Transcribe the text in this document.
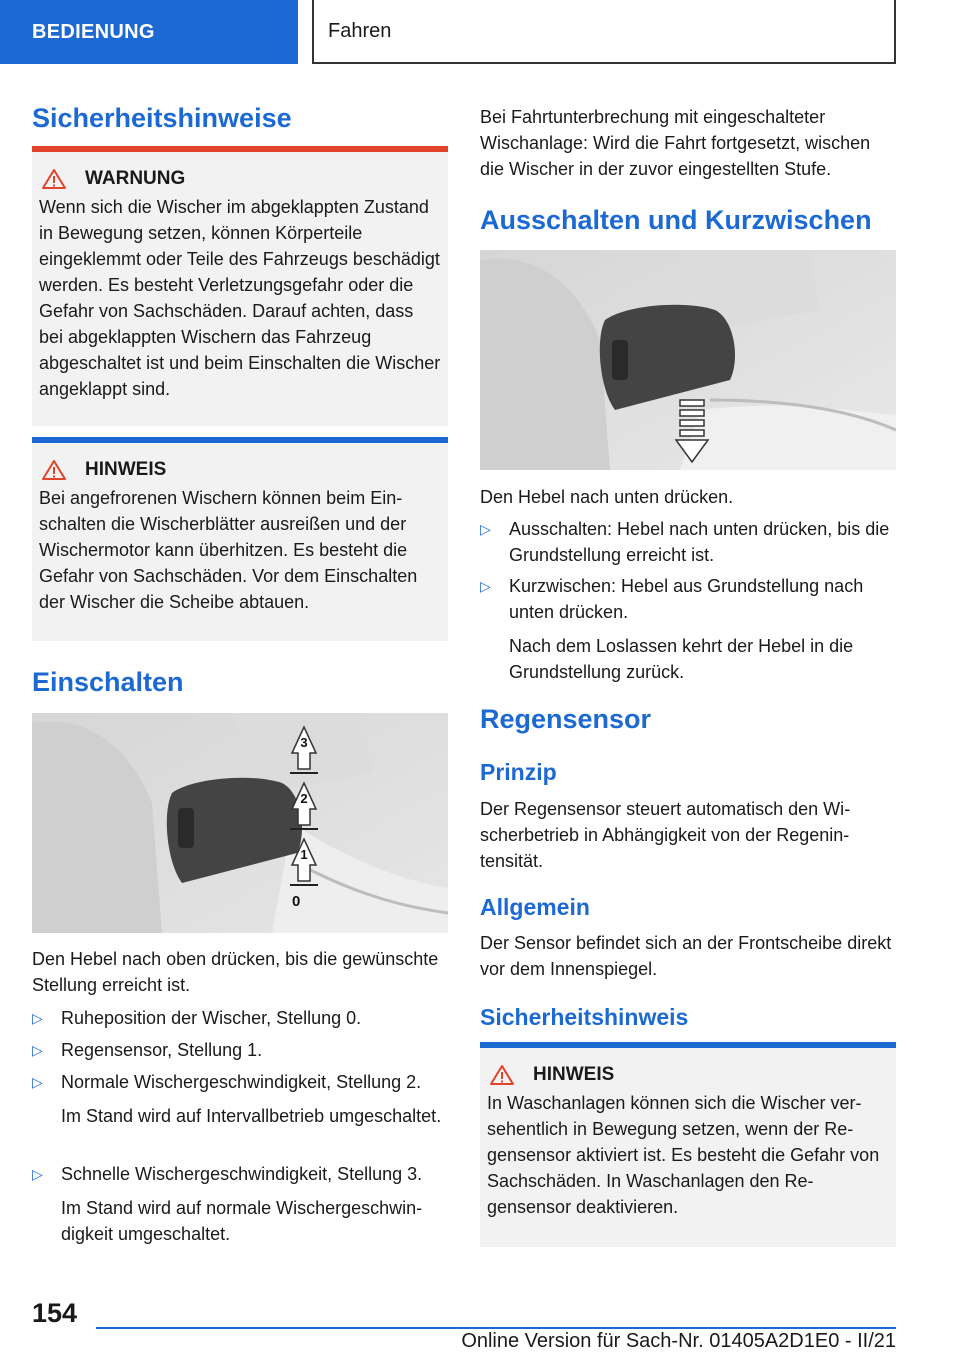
BEDIENUNG	Fahren
Sicherheitshinweise
WARNUNG
Wenn sich die Wischer im abgeklappten Zustand in Bewegung setzen, können Körperteile eingeklemmt oder Teile des Fahrzeugs beschädigt werden. Es besteht Verletzungsgefahr oder die Gefahr von Sachschäden. Darauf achten, dass bei abgeklappten Wischern das Fahrzeug abgeschaltet ist und beim Einschalten die Wischer angeklappt sind.
HINWEIS
Bei angefrorenen Wischern können beim Einschalten die Wischerblätter ausreißen und der Wischermotor kann überhitzen. Es besteht die Gefahr von Sachschäden. Vor dem Einschalten der Wischer die Scheibe abtauen.
Einschalten
3
2
1
0

Den Hebel nach oben drücken, bis die gewünschte Stellung erreicht ist.

▷ Ruheposition der Wischer, Stellung 0.
▷ Regensensor, Stellung 1.
▷ Normale Wischergeschwindigkeit, Stellung 2.
Im Stand wird auf Intervallbetrieb umgeschaltet.
▷ Schnelle Wischergeschwindigkeit, Stellung 3.
Im Stand wird auf normale Wischergeschwindigkeit umgeschaltet.

Bei Fahrtunterbrechung mit eingeschalteter Wischanlage: Wird die Fahrt fortgesetzt, wischen die Wischer in der zuvor eingestellten Stufe.

Ausschalten und Kurzwischen

Den Hebel nach unten drücken.

▷ Ausschalten: Hebel nach unten drücken, bis die Grundstellung erreicht ist.
▷ Kurzwischen: Hebel aus Grundstellung nach unten drücken.
Nach dem Loslassen kehrt der Hebel in die Grundstellung zurück.
Regensensor
Prinzip

Der Regensensor steuert automatisch den Wischerbetrieb in Abhängigkeit von der Regenintensität.

Allgemein

Der Sensor befindet sich an der Frontscheibe direkt vor dem Innenspiegel.

Sicherheitshinweis
HINWEIS
In Waschanlagen können sich die Wischer versehentlich in Bewegung setzen, wenn der Regensensor aktiviert ist. Es besteht die Gefahr von Sachschäden. In Waschanlagen den Regensensor deaktivieren.
154
Online Version für Sach-Nr. 01405A2D1E0 - II/21
